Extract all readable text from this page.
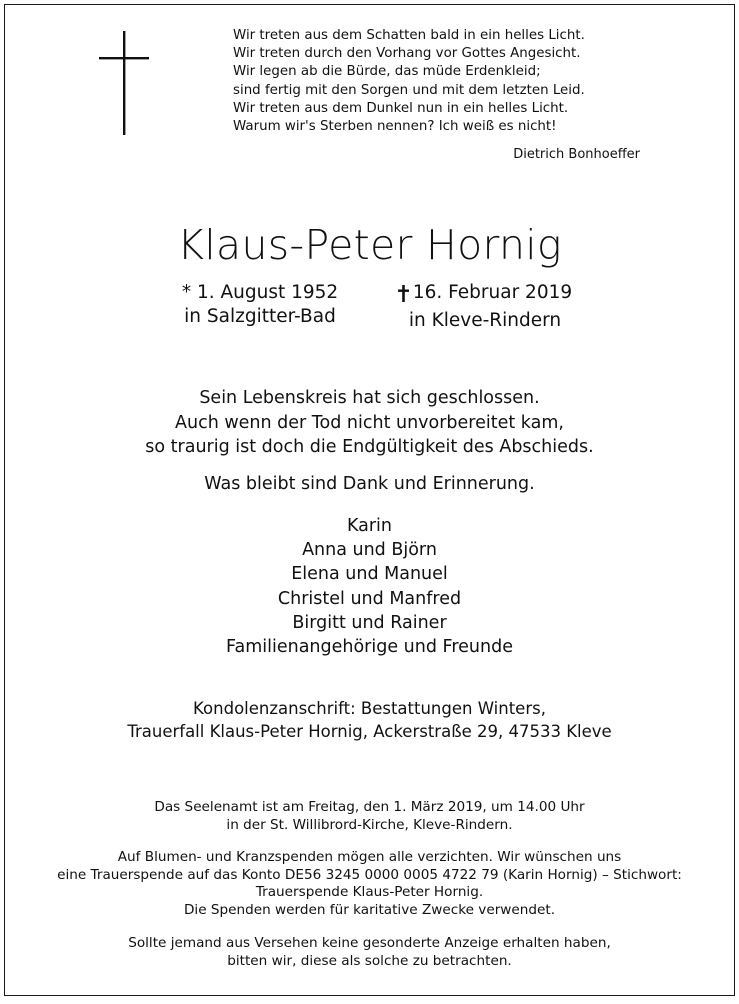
Wir treten aus dem Schatten bald in ein helles Licht.
Wir treten durch den Vorhang vor Gottes Angesicht.
Wir legen ab die Bürde, das müde Erdenkleid;
sind fertig mit den Sorgen und mit dem letzten Leid.
Wir treten aus dem Dunkel nun in ein helles Licht.
Warum wir's Sterben nennen? Ich weiß es nicht!
Dietrich Bonhoeffer
Klaus-Peter Hornig
* 1. August 1952
in Salzgitter-Bad
16. Februar 2019
in Kleve-Rindern
Sein Lebenskreis hat sich geschlossen.
Auch wenn der Tod nicht unvorbereitet kam,
so traurig ist doch die Endgültigkeit des Abschieds.
Was bleibt sind Dank und Erinnerung.
Karin
Anna und Björn
Elena und Manuel
Christel und Manfred
Birgitt und Rainer
Familienangehörige und Freunde
Kondolenzanschrift: Bestattungen Winters,
Trauerfall Klaus-Peter Hornig, Ackerstraße 29, 47533 Kleve
Das Seelenamt ist am Freitag, den 1. März 2019, um 14.00 Uhr
in der St. Willibrord-Kirche, Kleve-Rindern.
Auf Blumen- und Kranzspenden mögen alle verzichten. Wir wünschen uns
eine Trauerspende auf das Konto DE56 3245 0000 0005 4722 79 (Karin Hornig) – Stichwort:
Trauerspende Klaus-Peter Hornig.
Die Spenden werden für karitative Zwecke verwendet.
Sollte jemand aus Versehen keine gesonderte Anzeige erhalten haben,
bitten wir, diese als solche zu betrachten.
